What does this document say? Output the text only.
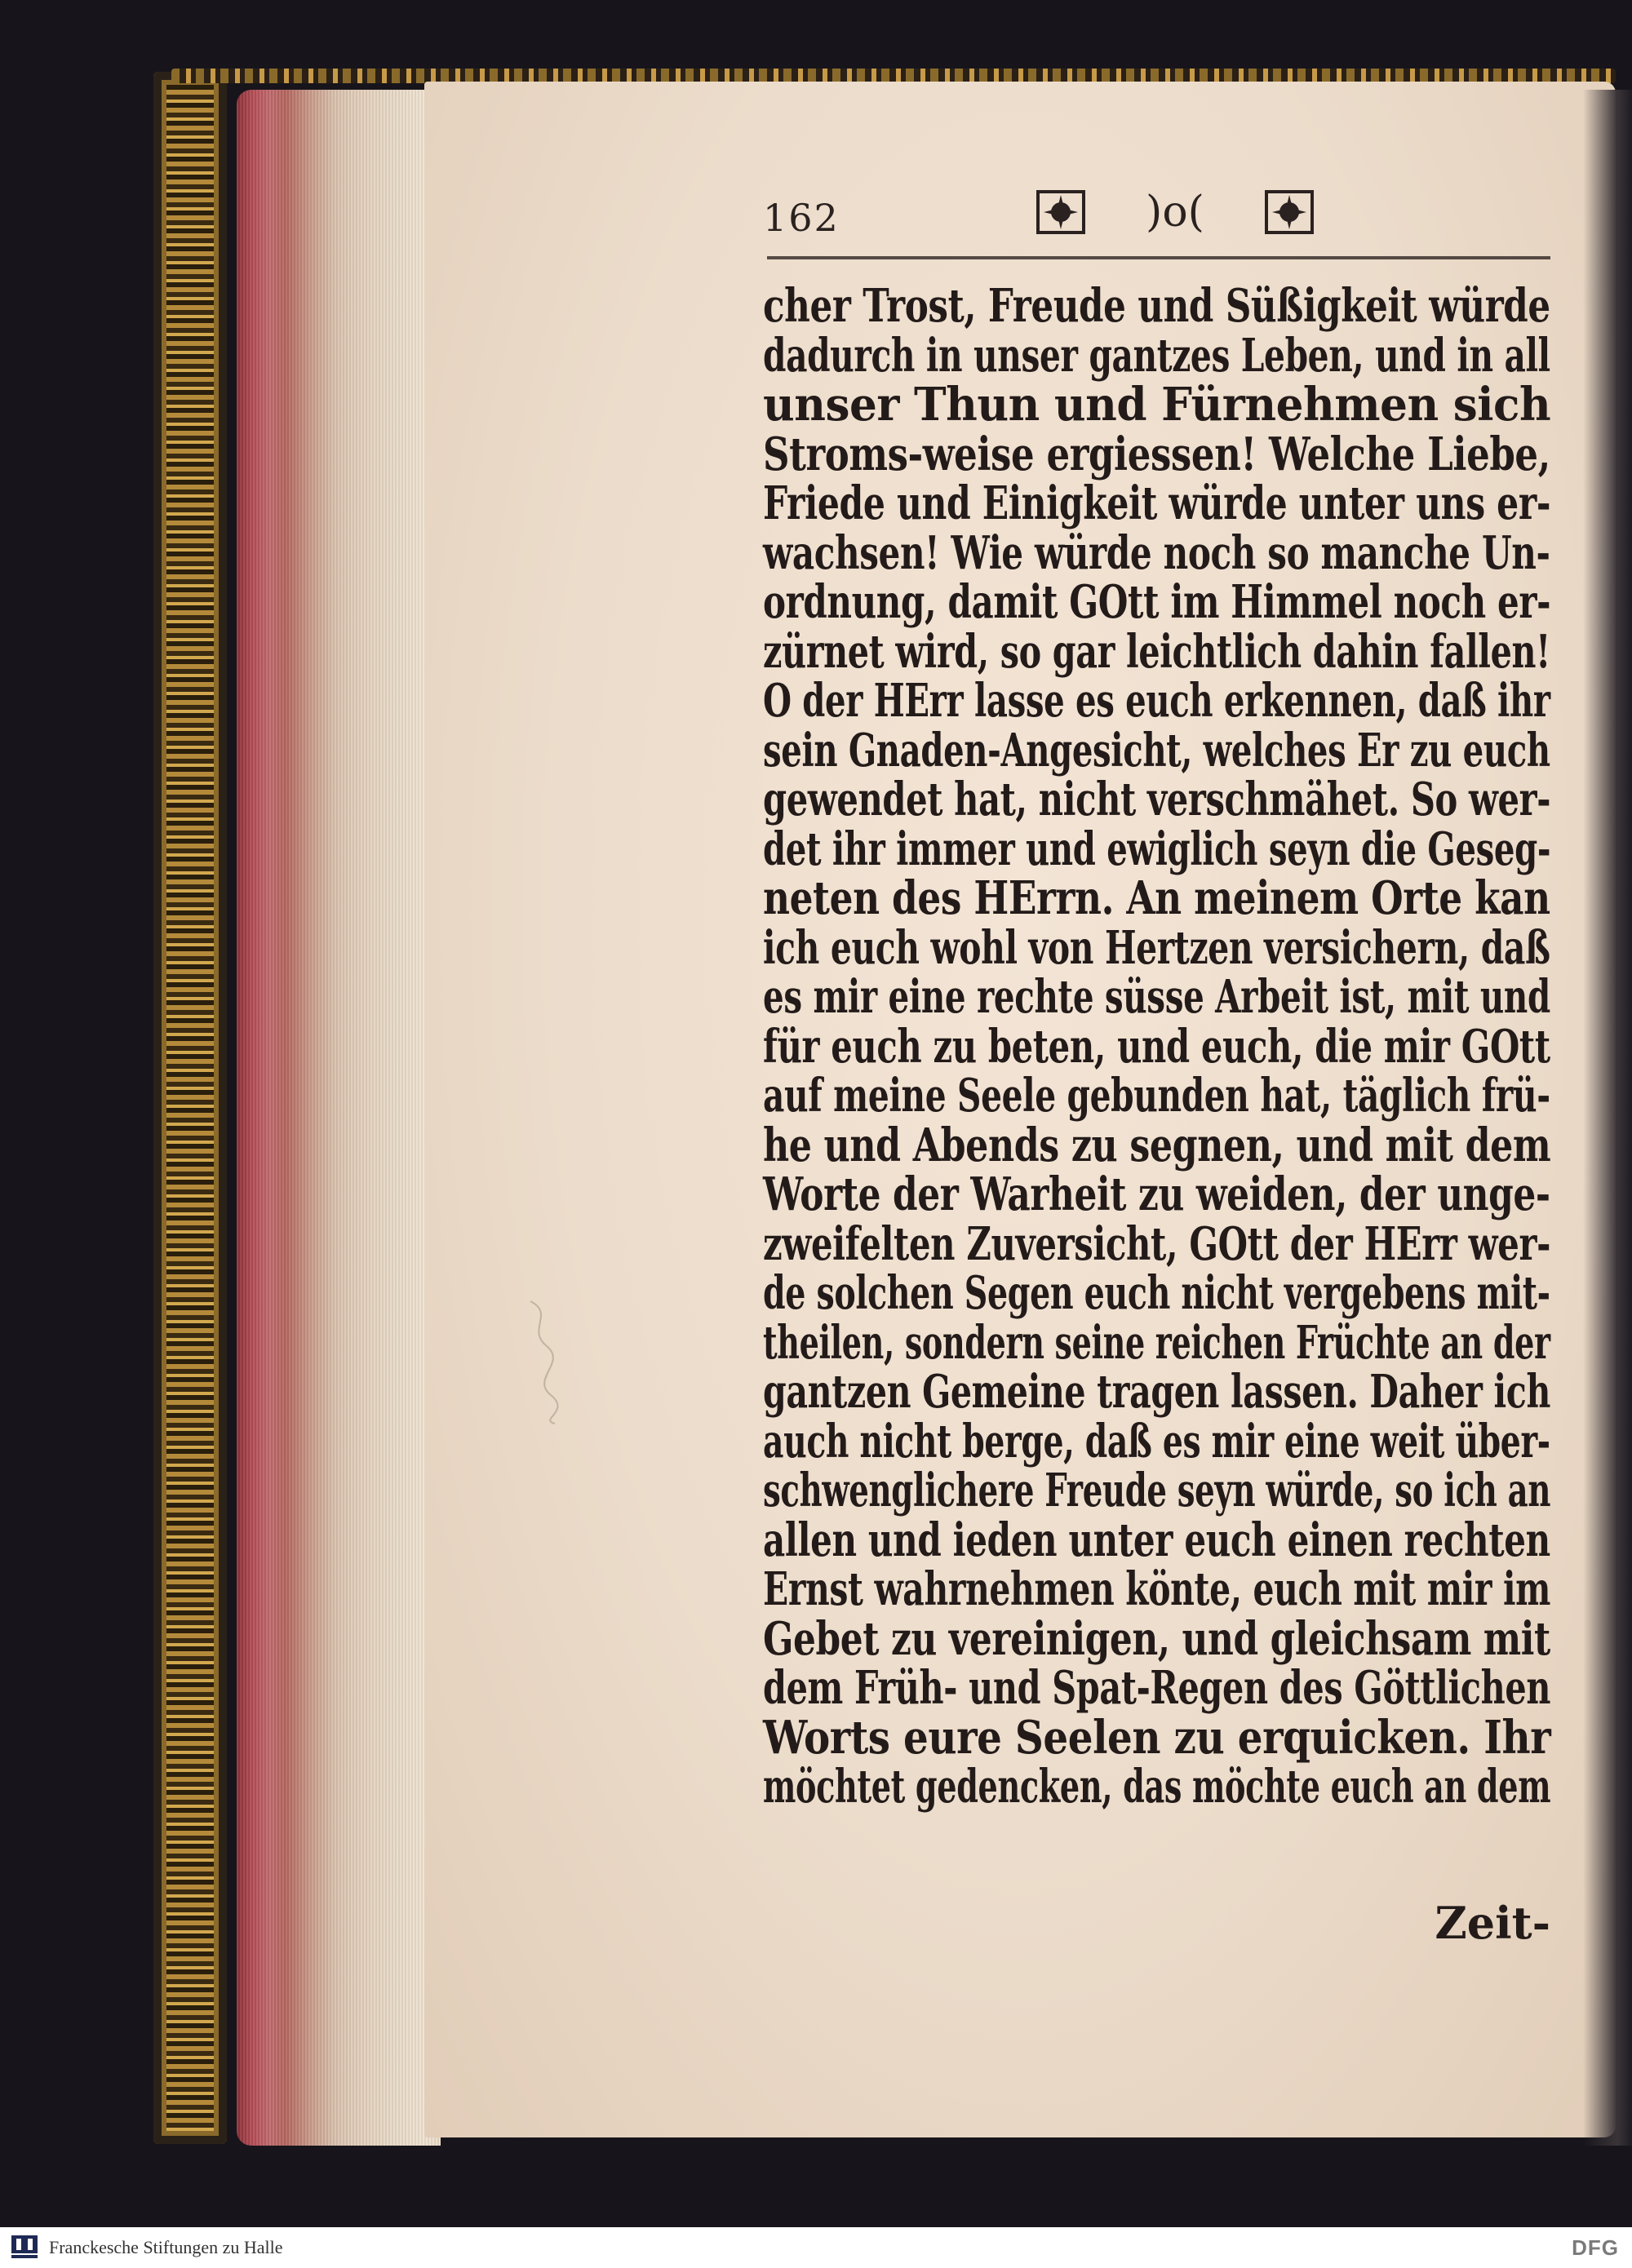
162	)o(
cher Trost, Freude und Süßigkeit würde
dadurch in unser gantzes Leben, und in all
unser Thun und Fürnehmen sich
Stroms-weise ergiessen! Welche Liebe,
Friede und Einigkeit würde unter uns er-
wachsen! Wie würde noch so manche Un-
ordnung, damit GOtt im Himmel noch er-
zürnet wird, so gar leichtlich dahin fallen!
O der HErr lasse es euch erkennen, daß ihr
sein Gnaden-Angesicht, welches Er zu euch
gewendet hat, nicht verschmähet. So wer-
det ihr immer und ewiglich seyn die Geseg-
neten des HErrn. An meinem Orte kan
ich euch wohl von Hertzen versichern, daß
es mir eine rechte süsse Arbeit ist, mit und
für euch zu beten, und euch, die mir GOtt
auf meine Seele gebunden hat, täglich frü-
he und Abends zu segnen, und mit dem
Worte der Warheit zu weiden, der unge-
zweifelten Zuversicht, GOtt der HErr wer-
de solchen Segen euch nicht vergebens mit-
theilen, sondern seine reichen Früchte an der
gantzen Gemeine tragen lassen. Daher ich
auch nicht berge, daß es mir eine weit über-
schwenglichere Freude seyn würde, so ich an
allen und ieden unter euch einen rechten
Ernst wahrnehmen könte, euch mit mir im
Gebet zu vereinigen, und gleichsam mit
dem Früh- und Spat-Regen des Göttlichen
Worts eure Seelen zu erquicken. Ihr
möchtet gedencken, das möchte euch an dem
Zeit-
Franckesche Stiftungen zu Halle	DFG
